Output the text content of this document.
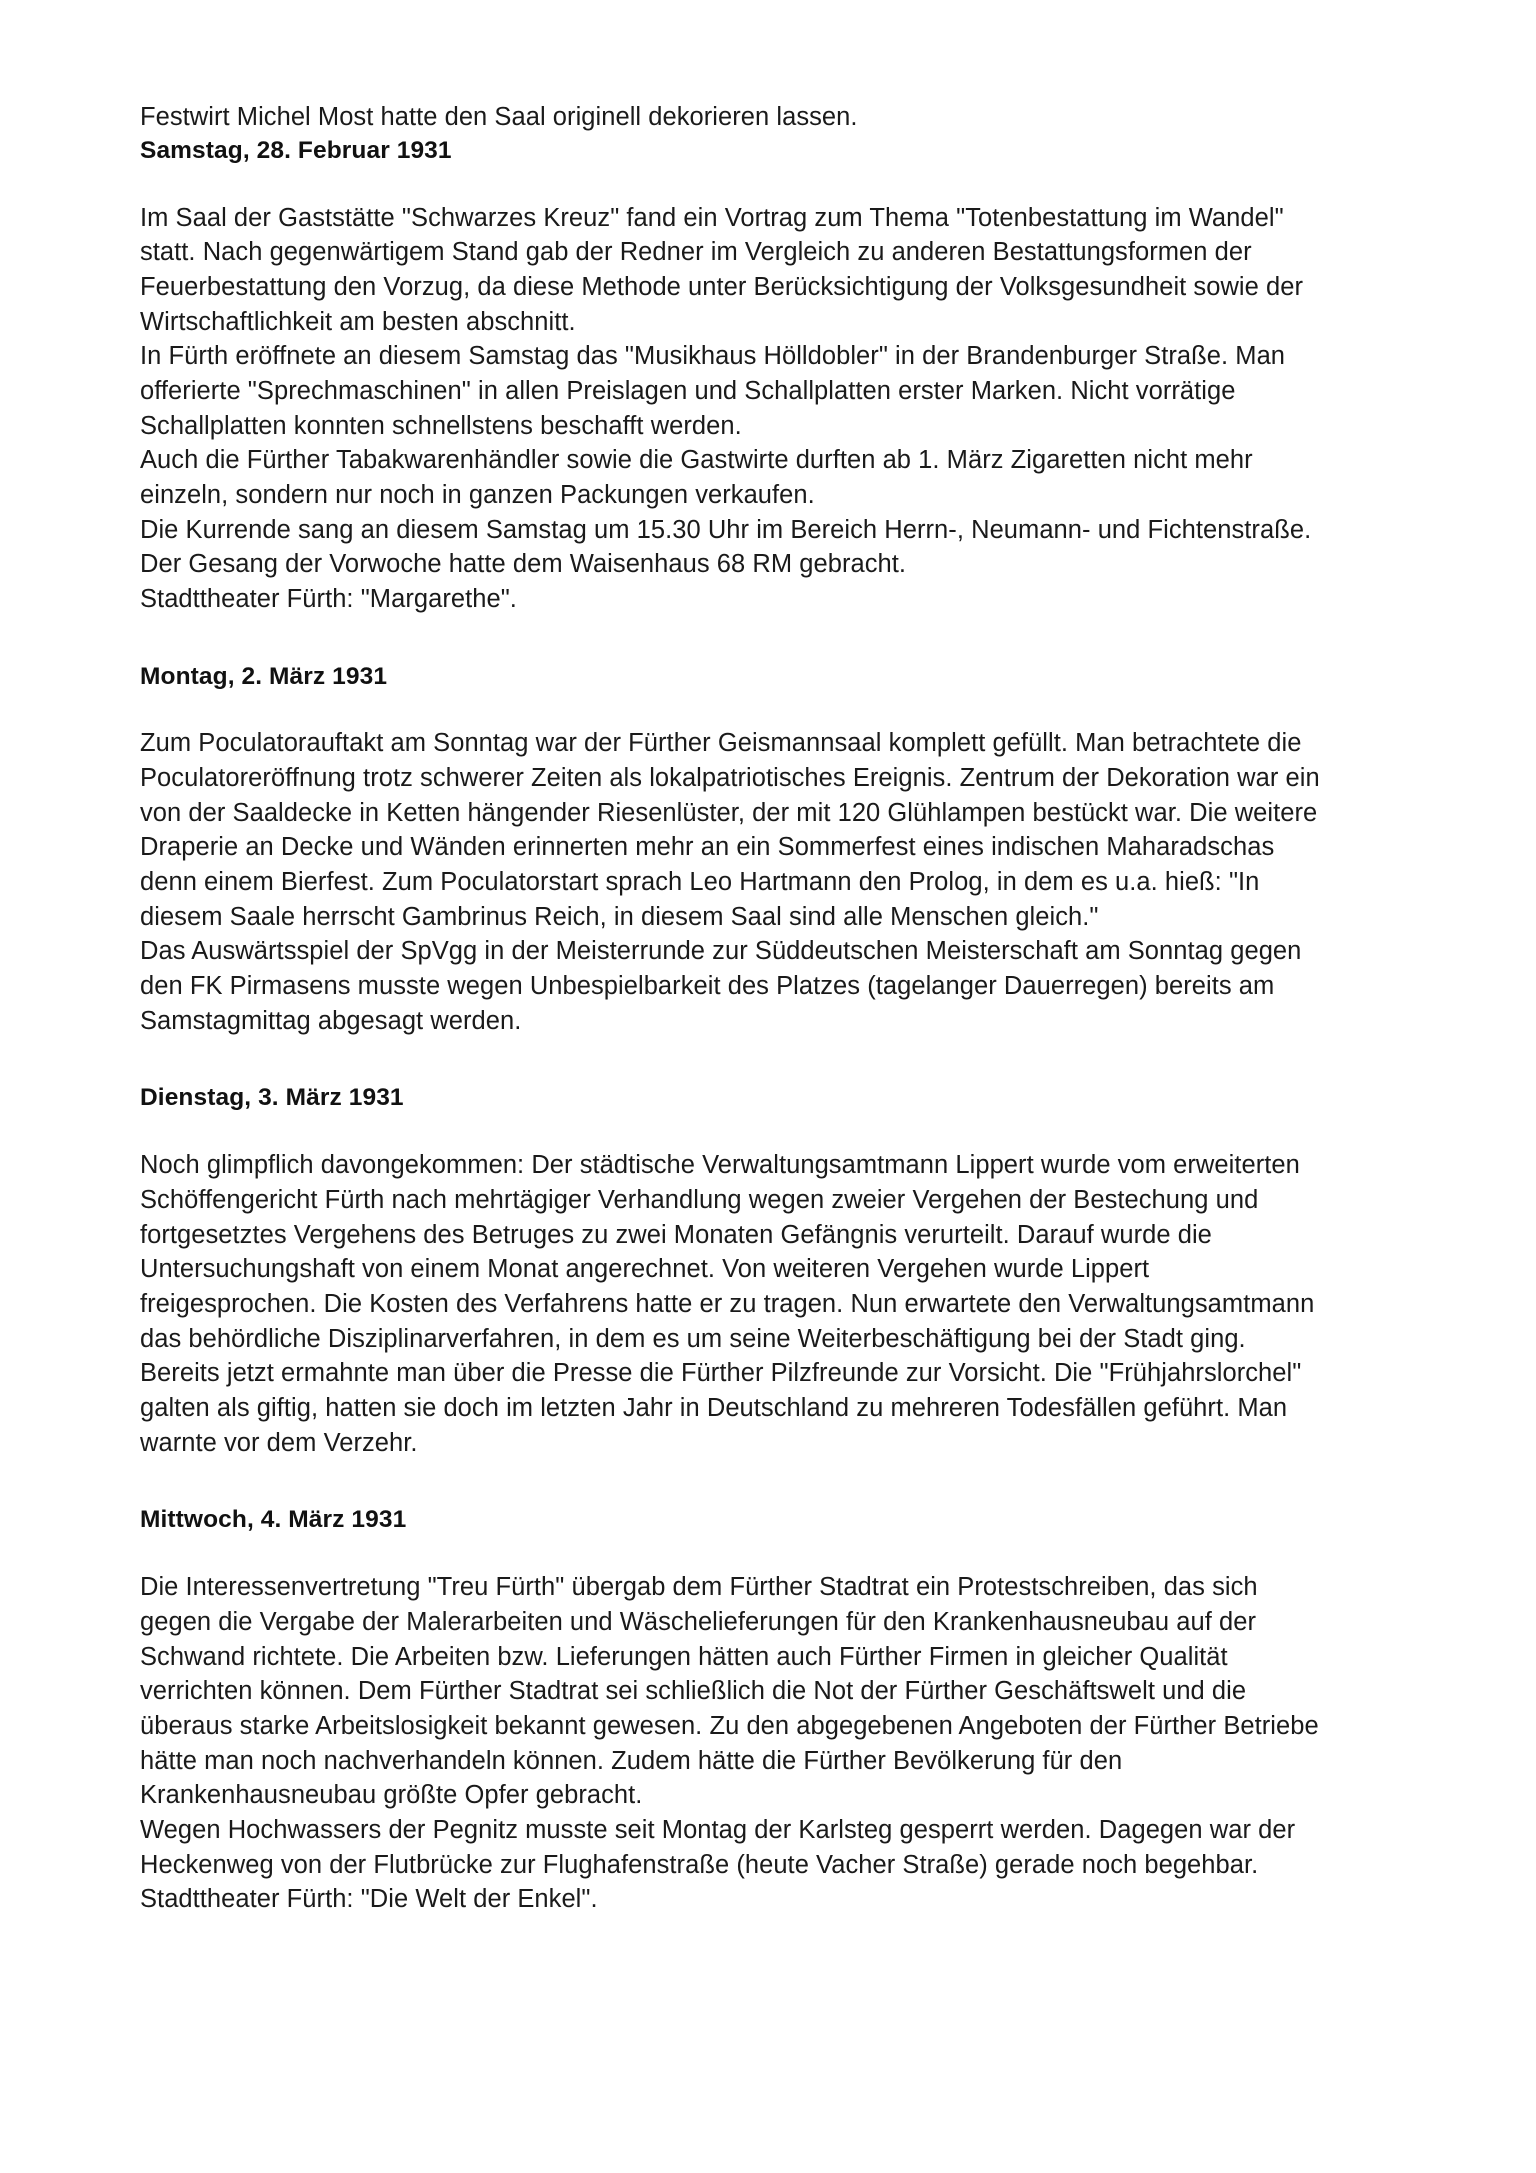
Festwirt Michel Most hatte den Saal originell dekorieren lassen.

Samstag, 28. Februar 1931

Im Saal der Gaststätte "Schwarzes Kreuz" fand ein Vortrag zum Thema "Totenbestattung im Wandel" statt. Nach gegenwärtigem Stand gab der Redner im Vergleich zu anderen Bestattungsformen der Feuerbestattung den Vorzug, da diese Methode unter Berücksichtigung der Volksgesundheit sowie der Wirtschaftlichkeit am besten abschnitt.

In Fürth eröffnete an diesem Samstag das "Musikhaus Hölldobler" in der Brandenburger Straße. Man offerierte "Sprechmaschinen" in allen Preislagen und Schallplatten erster Marken. Nicht vorrätige Schallplatten konnten schnellstens beschafft werden.

Auch die Fürther Tabakwarenhändler sowie die Gastwirte durften ab 1. März Zigaretten nicht mehr einzeln, sondern nur noch in ganzen Packungen verkaufen.

Die Kurrende sang an diesem Samstag um 15.30 Uhr im Bereich Herrn-, Neumann- und Fichtenstraße. Der Gesang der Vorwoche hatte dem Waisenhaus 68 RM gebracht.

Stadttheater Fürth: "Margarethe".

Montag, 2. März 1931

Zum Poculatorauftakt am Sonntag war der Fürther Geismannsaal komplett gefüllt. Man betrachtete die Poculatoreröffnung trotz schwerer Zeiten als lokalpatriotisches Ereignis. Zentrum der Dekoration war ein von der Saaldecke in Ketten hängender Riesenlüster, der mit 120 Glühlampen bestückt war. Die weitere Draperie an Decke und Wänden erinnerten mehr an ein Sommerfest eines indischen Maharadschas denn einem Bierfest. Zum Poculatorstart sprach Leo Hartmann den Prolog, in dem es u.a. hieß: "In diesem Saale herrscht Gambrinus Reich, in diesem Saal sind alle Menschen gleich."

Das Auswärtsspiel der SpVgg in der Meisterrunde zur Süddeutschen Meisterschaft am Sonntag gegen den FK Pirmasens musste wegen Unbespielbarkeit des Platzes (tagelanger Dauerregen) bereits am Samstagmittag abgesagt werden.

Dienstag, 3. März 1931

Noch glimpflich davongekommen: Der städtische Verwaltungsamtmann Lippert wurde vom erweiterten Schöffengericht Fürth nach mehrtägiger Verhandlung wegen zweier Vergehen der Bestechung und fortgesetztes Vergehens des Betruges zu zwei Monaten Gefängnis verurteilt. Darauf wurde die Untersuchungshaft von einem Monat angerechnet. Von weiteren Vergehen wurde Lippert freigesprochen. Die Kosten des Verfahrens hatte er zu tragen. Nun erwartete den Verwaltungsamtmann das behördliche Disziplinarverfahren, in dem es um seine Weiterbeschäftigung bei der Stadt ging.

Bereits jetzt ermahnte man über die Presse die Fürther Pilzfreunde zur Vorsicht. Die "Frühjahrslorchel" galten als giftig, hatten sie doch im letzten Jahr in Deutschland zu mehreren Todesfällen geführt. Man warnte vor dem Verzehr.

Mittwoch, 4. März 1931

Die Interessenvertretung "Treu Fürth" übergab dem Fürther Stadtrat ein Protestschreiben, das sich gegen die Vergabe der Malerarbeiten und Wäschelieferungen für den Krankenhausneubau auf der Schwand richtete. Die Arbeiten bzw. Lieferungen hätten auch Fürther Firmen in gleicher Qualität verrichten können. Dem Fürther Stadtrat sei schließlich die Not der Fürther Geschäftswelt und die überaus starke Arbeitslosigkeit bekannt gewesen. Zu den abgegebenen Angeboten der Fürther Betriebe hätte man noch nachverhandeln können. Zudem hätte die Fürther Bevölkerung für den Krankenhausneubau größte Opfer gebracht.

Wegen Hochwassers der Pegnitz musste seit Montag der Karlsteg gesperrt werden. Dagegen war der Heckenweg von der Flutbrücke zur Flughafenstraße (heute Vacher Straße) gerade noch begehbar.

Stadttheater Fürth: "Die Welt der Enkel".
